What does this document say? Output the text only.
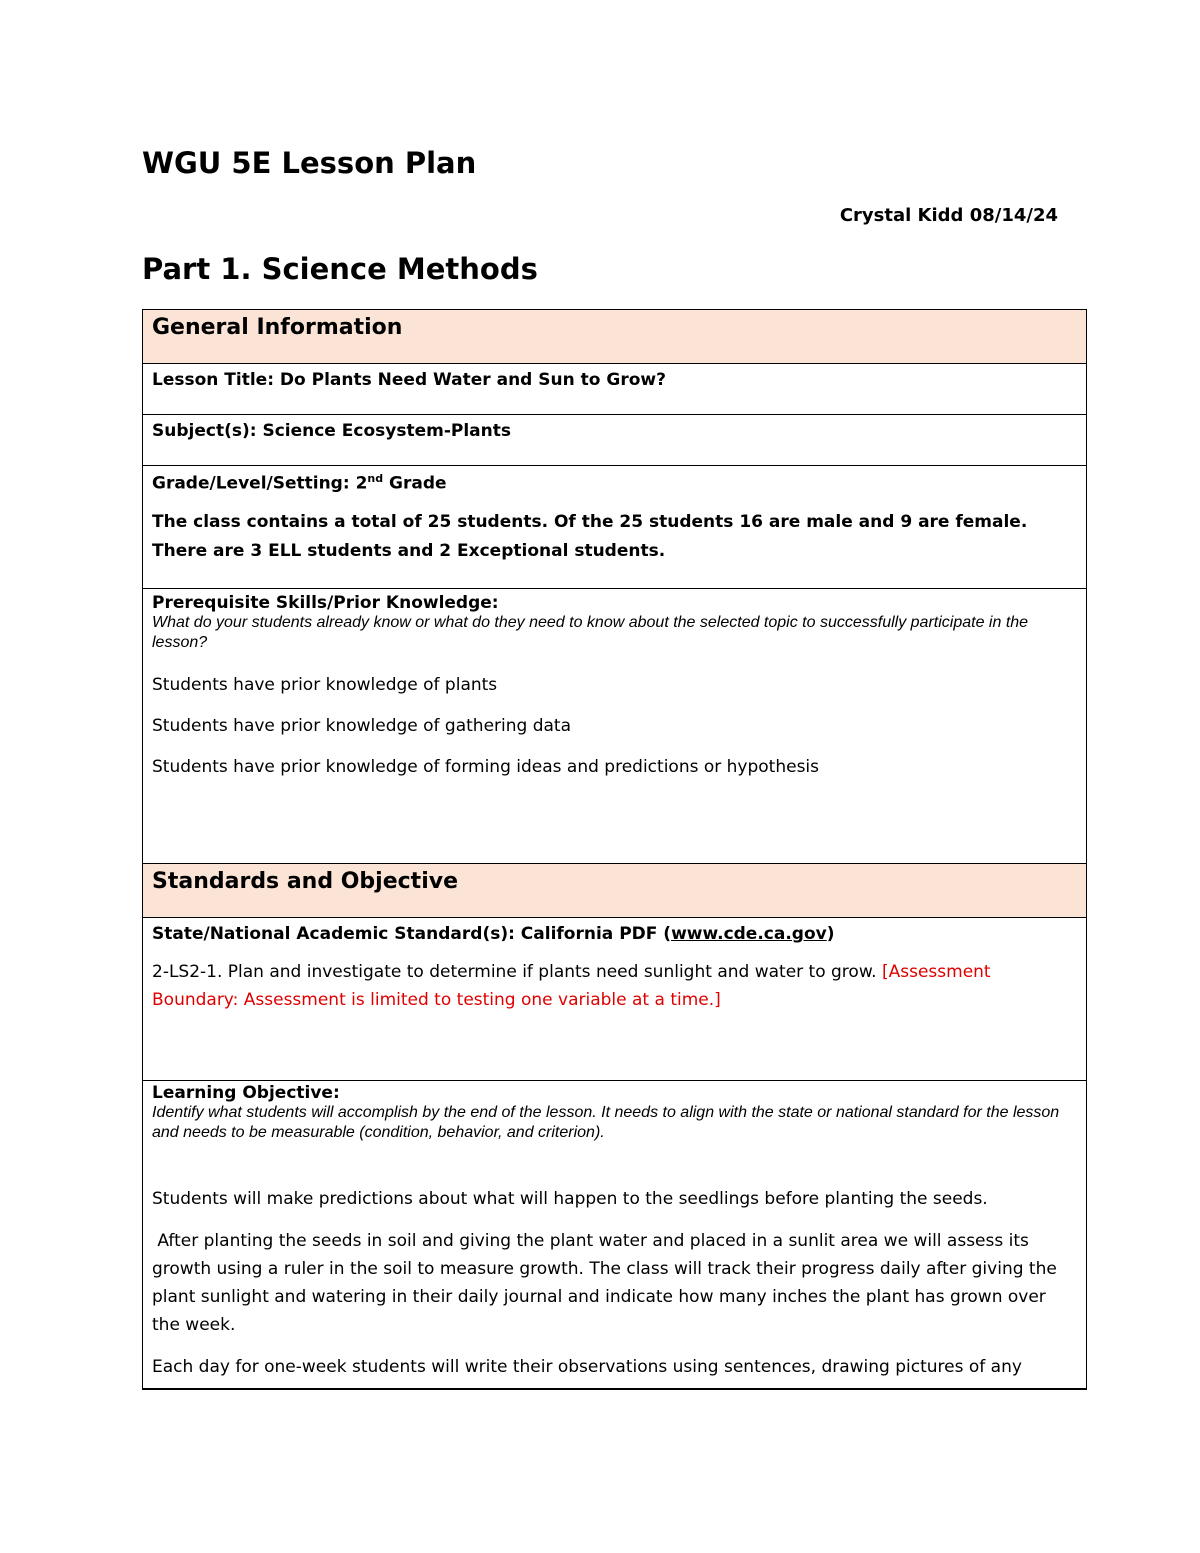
WGU 5E Lesson Plan
Crystal Kidd 08/14/24
Part 1. Science Methods
General Information
Lesson Title: Do Plants Need Water and Sun to Grow?
Subject(s): Science Ecosystem-Plants

Grade/Level/Setting: 2nd Grade

The class contains a total of 25 students. Of the 25 students 16 are male and 9 are female. There are 3 ELL students and 2 Exceptional students.

Prerequisite Skills/Prior Knowledge:

What do your students already know or what do they need to know about the selected topic to successfully participate in the lesson?

Students have prior knowledge of plants

Students have prior knowledge of gathering data

Students have prior knowledge of forming ideas and predictions or hypothesis

Standards and Objective

State/National Academic Standard(s): California PDF (www.cde.ca.gov)

2-LS2-1. Plan and investigate to determine if plants need sunlight and water to grow. [Assessment Boundary: Assessment is limited to testing one variable at a time.]

Learning Objective:

Identify what students will accomplish by the end of the lesson. It needs to align with the state or national standard for the lesson and needs to be measurable (condition, behavior, and criterion).

Students will make predictions about what will happen to the seedlings before planting the seeds.

After planting the seeds in soil and giving the plant water and placed in a sunlit area we will assess its growth using a ruler in the soil to measure growth. The class will track their progress daily after giving the plant sunlight and watering in their daily journal and indicate how many inches the plant has grown over the week.

Each day for one-week students will write their observations using sentences, drawing pictures of any
